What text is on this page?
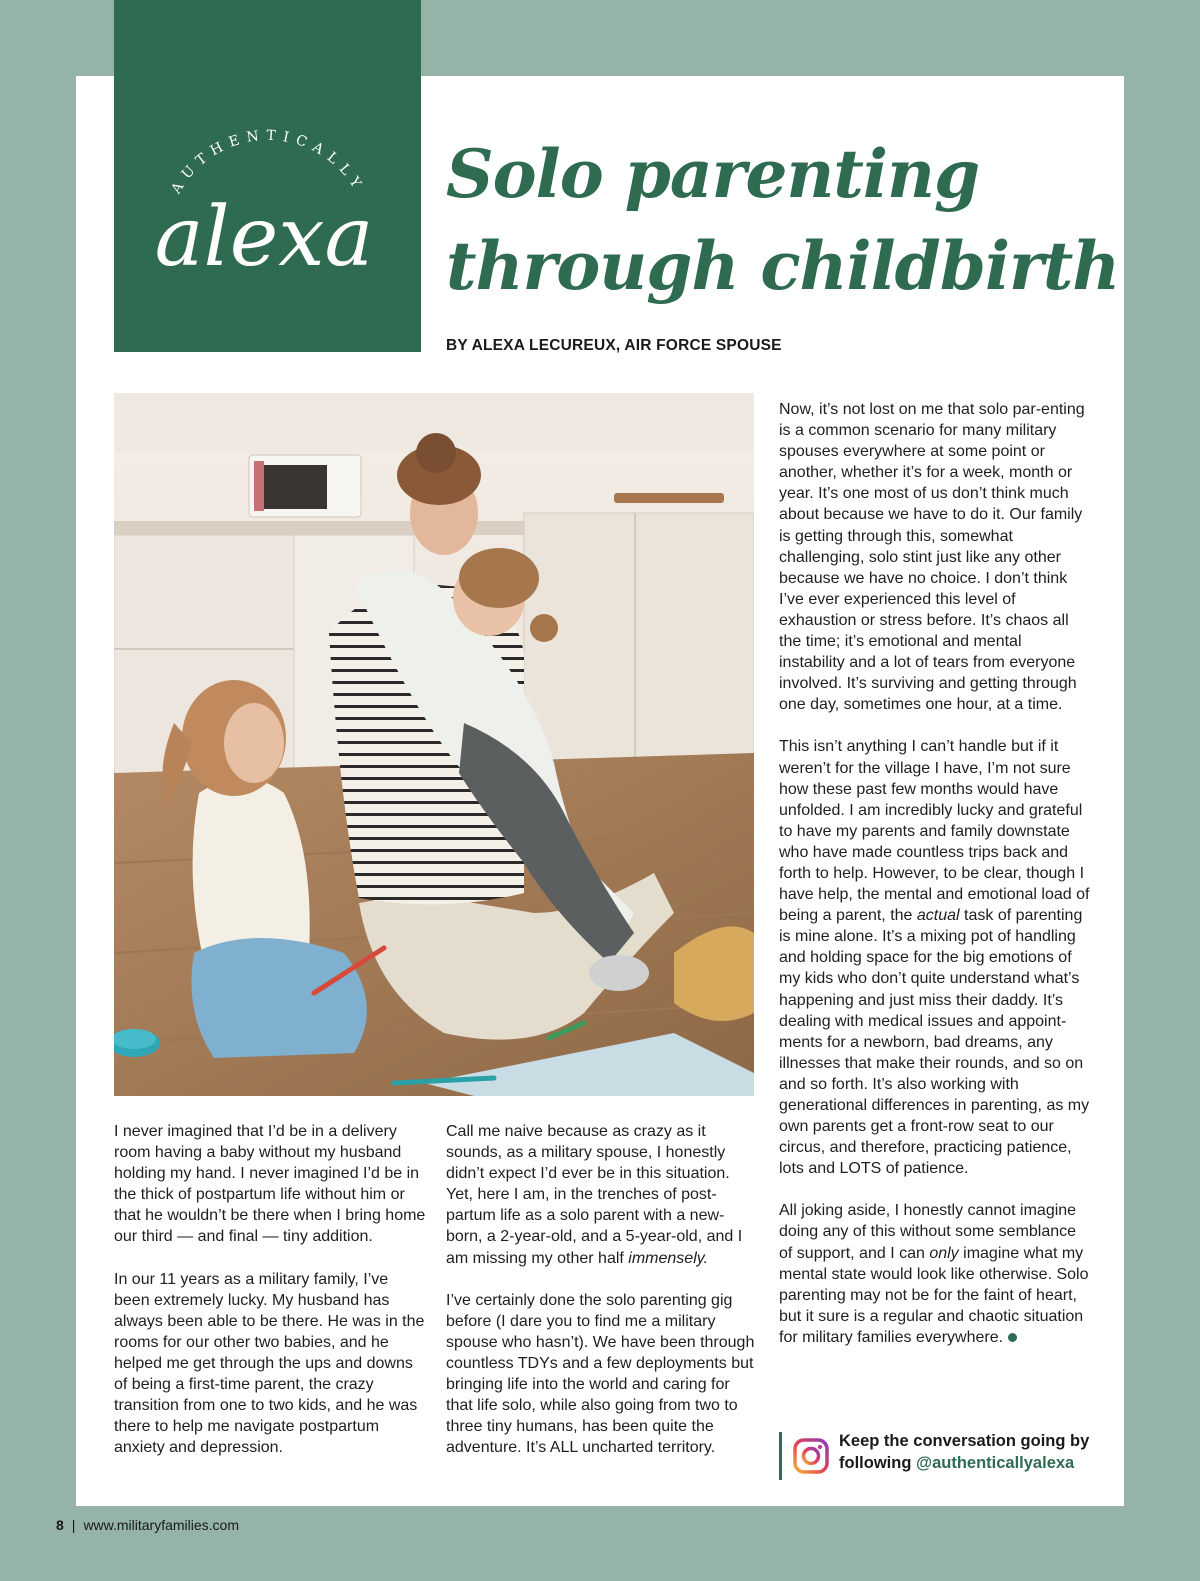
AUTHENTICALLY
alexa
Solo parenting
through childbirth
BY ALEXA LECUREUX, AIR FORCE SPOUSE

I never imagined that I’d be in a delivery room having a baby without my husband holding my hand. I never imagined I’d be in the thick of postpartum life without him or that he wouldn’t be there when I bring home our third — and final — tiny addition.

In our 11 years as a military family, I’ve been extremely lucky. My husband has always been able to be there. He was in the rooms for our other two babies, and he helped me get through the ups and downs of being a first-time parent, the crazy transition from one to two kids, and he was there to help me navigate postpartum anxiety and depression.

Call me naive because as crazy as it sounds, as a military spouse, I honestly didn’t expect I’d ever be in this situation. Yet, here I am, in the trenches of post-partum life as a solo parent with a new-born, a 2-year-old, and a 5-year-old, and I am missing my other half immensely.

I’ve certainly done the solo parenting gig before (I dare you to find me a military spouse who hasn’t). We have been through countless TDYs and a few deployments but bringing life into the world and caring for that life solo, while also going from two to three tiny humans, has been quite the adventure. It’s ALL uncharted territory.

Now, it’s not lost on me that solo par-enting is a common scenario for many military spouses everywhere at some point or another, whether it’s for a week, month or year. It’s one most of us don’t think much about because we have to do it. Our family is getting through this, somewhat challenging, solo stint just like any other because we have no choice. I don’t think I’ve ever experienced this level of exhaustion or stress before. It’s chaos all the time; it’s emotional and mental instability and a lot of tears from everyone involved. It’s surviving and getting through one day, sometimes one hour, at a time.

This isn’t anything I can’t handle but if it weren’t for the village I have, I’m not sure how these past few months would have unfolded. I am incredibly lucky and grateful to have my parents and family downstate who have made countless trips back and forth to help. However, to be clear, though I have help, the mental and emotional load of being a parent, the actual task of parenting is mine alone. It’s a mixing pot of handling and holding space for the big emotions of my kids who don’t quite understand what’s happening and just miss their daddy. It’s dealing with medical issues and appoint-ments for a newborn, bad dreams, any illnesses that make their rounds, and so on and so forth. It’s also working with generational differences in parenting, as my own parents get a front-row seat to our circus, and therefore, practicing patience, lots and LOTS of patience.

All joking aside, I honestly cannot imagine doing any of this without some semblance of support, and I can only imagine what my mental state would look like otherwise. Solo parenting may not be for the faint of heart, but it sure is a regular and chaotic situation for military families everywhere.

Keep the conversation going by
following @authenticallyalexa
8 | www.militaryfamilies.com
